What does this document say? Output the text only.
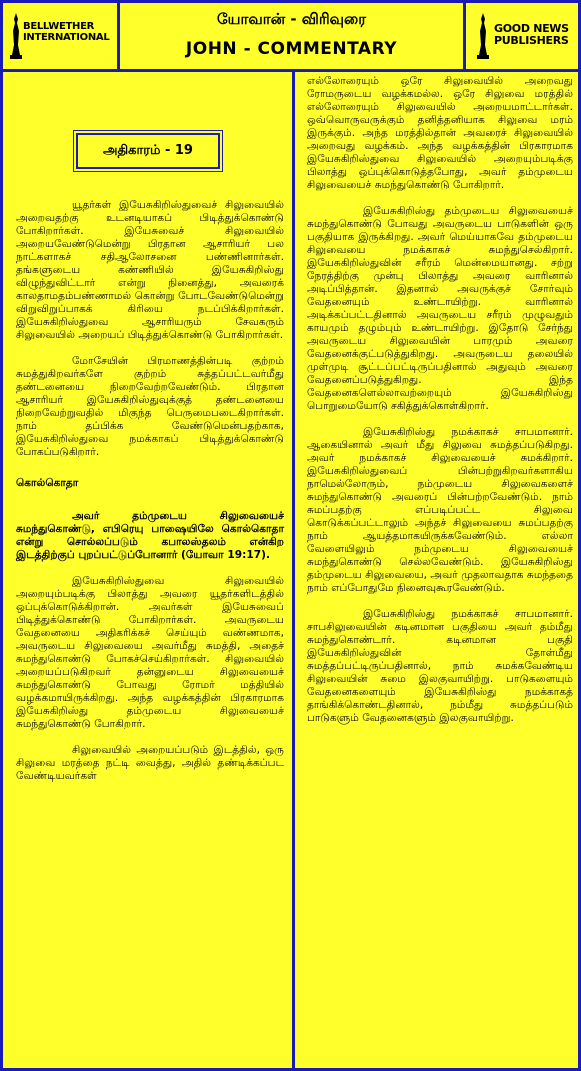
BELLWETHER
INTERNATIONAL
யோவான் - விரிவுரை
JOHN - COMMENTARY
GOOD NEWS
PUBLISHERS
அதிகாரம் - 19

யூதர்கள் இயேசுகிறிஸ்துவைச் சிலுவையில் அறைவதற்கு உடனடியாகப் பிடித்துக்கொண்டு போகிறார்கள். இயேசுவைச் சிலுவையில் அறையவேண்டுமென்று பிரதான ஆசாரியர் பல நாட்களாகச் சதிஆலோசனை பண்ணினார்கள். தங்களுடைய கண்ணியில் இயேசுகிறிஸ்து விழுந்துவிட்டார் என்று நினைத்து, அவரைக் காலதாமதம்பண்ணாமல் கொன்று போடவேண்டுமென்று விறுவிறுப்பாகக் கிரியை நடப்பிக்கிறார்கள். இயேசுகிறிஸ்துவை ஆசாரியரும் சேவகரும் சிலுவையில் அறையப் பிடித்துக்கொண்டு போகிறார்கள்.

மோசேயின் பிரமாணத்தின்படி குற்றம் சுமத்துகிறவர்களே குற்றம் சுத்தப்பட்டவர்மீது தண்டனையை நிறைவேற்றவேண்டும். பிரதான ஆசாரியர் இயேசுகிறிஸ்துவுக்குத் தண்டனையை நிறைவேற்றுவதில் மிகுந்த பெருமைபடைகிறார்கள். நாம் தப்பிக்க வேண்டுமென்பதற்காக, இயேசுகிறிஸ்துவை நமக்காகப் பிடித்துக்கொண்டு போகப்படுகிறார்.

கொல்கொதா

அவர் தம்முடைய சிலுவையைச் சுமந்துகொண்டு, எபிரெயு பாஷையிலே கொல்கொதா என்று சொல்லப்படும் கபாலஸ்தலம் என்கிற இடத்திற்குப் புறப்பட்டுப்போனார் (யோவா 19:17).

இயேசுகிறிஸ்துவை சிலுவையில் அறையும்படிக்கு பிலாத்து அவரை யூதர்களிடத்தில் ஒப்புக்கொடுக்கிறான். அவர்கள் இயேசுவைப் பிடித்துக்கொண்டு போகிறார்கள். அவருடைய வேதனையை அதிகரிக்கச் செய்யும் வண்ணமாக, அவருடைய சிலுவையை அவர்மீது சுமத்தி, அதைச் சுமந்துகொண்டு போகச்செய்கிறார்கள். சிலுவையில் அறையப்படுகிறவர் தன்னுடைய சிலுவையைச் சுமந்துகொண்டு போவது ரோமர் மத்தியில் வழக்கமாயிருக்கிறது. அந்த வழக்கத்தின் பிரகாரமாக இயேசுகிறிஸ்து தம்முடைய சிலுவையைச் சுமந்துகொண்டு போகிறார்.

சிலுவையில் அறையப்படும் இடத்தில், ஒரு சிலுவை மரத்தை நட்டி வைத்து, அதில் தண்டிக்கப்பட வேண்டியவர்கள்

எல்லோரையும் ஒரே சிலுவையில் அறைவது ரோமருடைய வழக்கமல்ல. ஒரே சிலுவை மரத்தில் எல்லோரையும் சிலுவையில் அறையமாட்டார்கள். ஒவ்வொருவருக்கும் தனித்தனியாக சிலுவை மரம் இருக்கும். அந்த மரத்தில்தான் அவரைச் சிலுவையில் அறைவது வழக்கம். அந்த வழக்கத்தின் பிரகாரமாக இயேசுகிறிஸ்துவை சிலுவையில் அறையும்படிக்கு பிலாத்து ஒப்புக்கொடுத்தபோது, அவர் தம்முடைய சிலுவையைச் சுமந்துகொண்டு போகிறார்.

இயேசுகிறிஸ்து தம்முடைய சிலுவையைச் சுமந்துகொண்டு போவது அவருடைய பாடுகளின் ஒரு பகுதியாக இருக்கிறது. அவர் மெய்யாகவே தம்முடைய சிலுவையை நமக்காகச் சுமந்துசெல்கிறார். இயேசுகிறிஸ்துவின் சரீரம் மென்மையானது. சற்று நேரத்திற்கு முன்பு பிலாத்து அவரை வாரினால் அடிப்பித்தான். இதனால் அவருக்குச் சோர்வும் வேதனையும் உண்டாயிற்று. வாரினால் அடிக்கப்பட்டதினால் அவருடைய சரீரம் முழுவதும் காயமும் தழும்பும் உண்டாயிற்று. இதோடு சேர்ந்து அவருடைய சிலுவையின் பாரமும் அவரை வேதனைக்குட்படுத்துகிறது. அவருடைய தலையில் முள்முடி சூட்டப்பட்டிருப்பதினால் அதுவும் அவரை வேதனைப்படுத்துகிறது. இந்த வேதனைகளெல்லாவற்றையும் இயேசுகிறிஸ்து பொறுமையோடு சகித்துக்கொள்கிறார்.

இயேசுகிறிஸ்து நமக்காகச் சாபமானார். ஆகையினால் அவர் மீது சிலுவை சுமத்தப்படுகிறது. அவர் நமக்காகச் சிலுவையைச் சுமக்கிறார். இயேசுகிறிஸ்துவைப் பின்பற்றுகிறவர்களாகிய நாமெல்லோரும், நம்முடைய சிலுவைகளைச் சுமந்துகொண்டு அவரைப் பின்பற்றவேண்டும். நாம் சுமப்பதற்கு எப்படிப்பட்ட சிலுவை கொடுக்கப்பட்டாலும் அந்தச் சிலுவையை சுமப்பதற்கு நாம் ஆயத்தமாகயிருக்கவேண்டும். எல்லா வேளையிலும் நம்முடைய சிலுவையைச் சுமந்துகொண்டு செல்லவேண்டும். இயேசுகிறிஸ்து தம்முடைய சிலுவையை, அவர் முதலாவதாக சுமந்ததை நாம் எப்போதுமே நினைவுகூரவேண்டும்.

இயேசுகிறிஸ்து நமக்காகச் சாபமானார். சாபசிலுவையின் கடினமான பகுதியை அவர் தம்மீது சுமந்துகொண்டார். கடினமான பகுதி இயேசுகிறிஸ்துவின் தோள்மீது சுமத்தப்பட்டிருப்பதினால், நாம் சுமக்கவேண்டிய சிலுவையின் சுமை இலகுவாயிற்று. பாடுகளையும் வேதனைகளையும் இயேசுகிறிஸ்து நமக்காகத் தாங்கிக்கொண்டதினால், நம்மீது சுமத்தப்படும் பாடுகளும் வேதனைகளும் இலகுவாயிற்று.
